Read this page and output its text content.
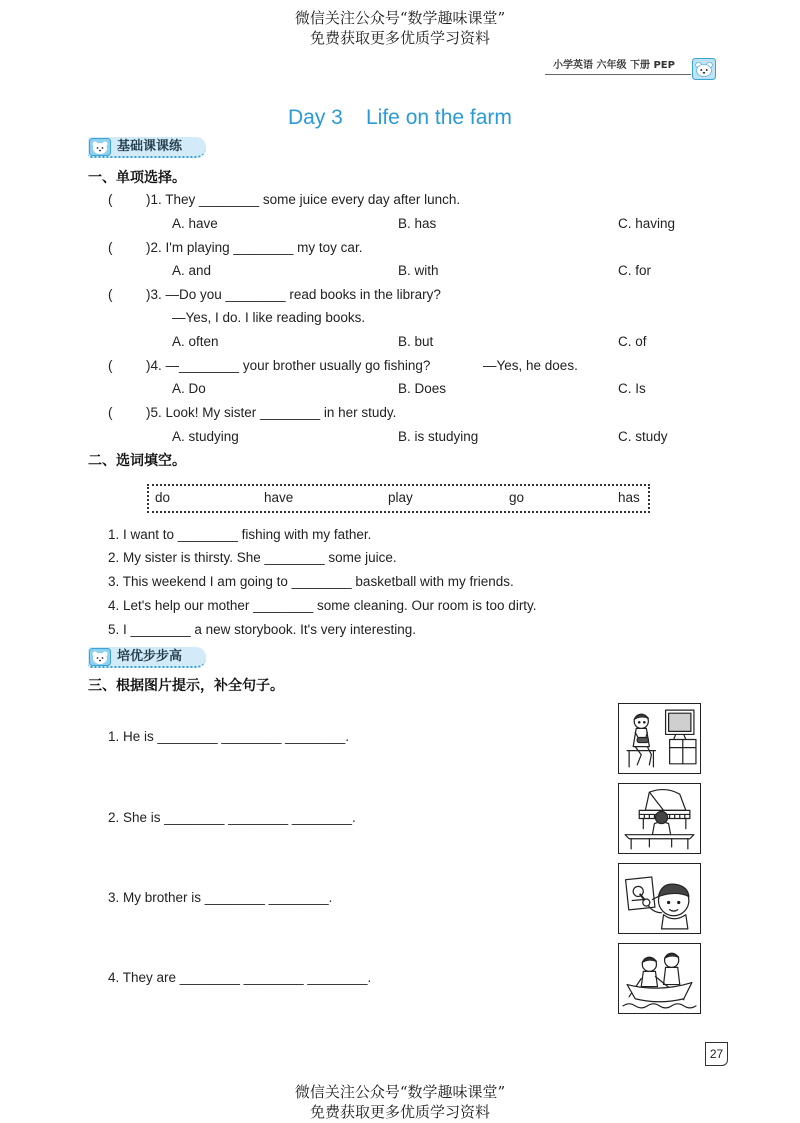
微信关注公众号“数学趣味课堂”
免费获取更多优质学习资料
小学英语 六年级 下册 PEP
Day 3 Life on the farm
基础课课练
一、单项选择。
( )1. They ________ some juice every day after lunch.
A. have	B. has	C. having
( )2. I'm playing ________ my toy car.
A. and	B. with	C. for
( )3. —Do you ________ read books in the library?
—Yes, I do. I like reading books.
A. often	B. but	C. of
( )4. —________ your brother usually go fishing?	—Yes, he does.
A. Do	B. Does	C. Is
( )5. Look! My sister ________ in her study.
A. studying	B. is studying	C. study
二、选词填空。
do	have	play	go	has
1. I want to ________ fishing with my father.
2. My sister is thirsty. She ________ some juice.
3. This weekend I am going to ________ basketball with my friends.
4. Let's help our mother ________ some cleaning. Our room is too dirty.
5. I ________ a new storybook. It's very interesting.
培优步步高
三、根据图片提示，补全句子。
1. He is ________ ________ ________.
2. She is ________ ________ ________.
3. My brother is ________ ________.
4. They are ________ ________ ________.
27
微信关注公众号“数学趣味课堂”
免费获取更多优质学习资料
